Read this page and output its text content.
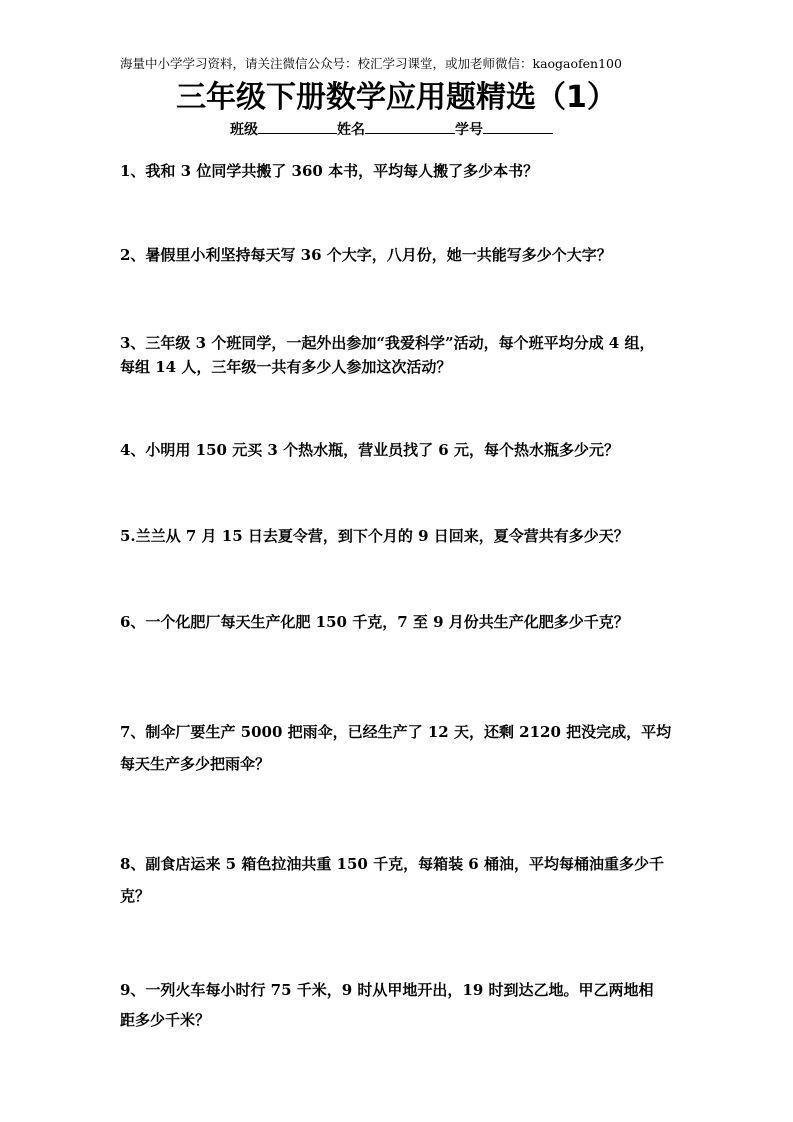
海量中小学学习资料，请关注微信公众号：校汇学习课堂，或加老师微信：kaogaofen100
三年级下册数学应用题精选（1）
班级	姓名	学号
1、我和 3 位同学共搬了 360 本书，平均每人搬了多少本书？
2、暑假里小利坚持每天写 36 个大字，八月份，她一共能写多少个大字？
3、三年级 3 个班同学，一起外出参加“我爱科学”活动，每个班平均分成 4 组，
每组 14 人，三年级一共有多少人参加这次活动？
4、小明用 150 元买 3 个热水瓶，营业员找了 6 元，每个热水瓶多少元？
5.兰兰从 7 月 15 日去夏令营，到下个月的 9 日回来，夏令营共有多少天？
6、一个化肥厂每天生产化肥 150 千克，7 至 9 月份共生产化肥多少千克？
7、制伞厂要生产 5000 把雨伞，已经生产了 12 天，还剩 2120 把没完成，平均
每天生产多少把雨伞？
8、副食店运来 5 箱色拉油共重 150 千克，每箱装 6 桶油，平均每桶油重多少千
克？
9、一列火车每小时行 75 千米，9 时从甲地开出，19 时到达乙地。甲乙两地相
距多少千米？
